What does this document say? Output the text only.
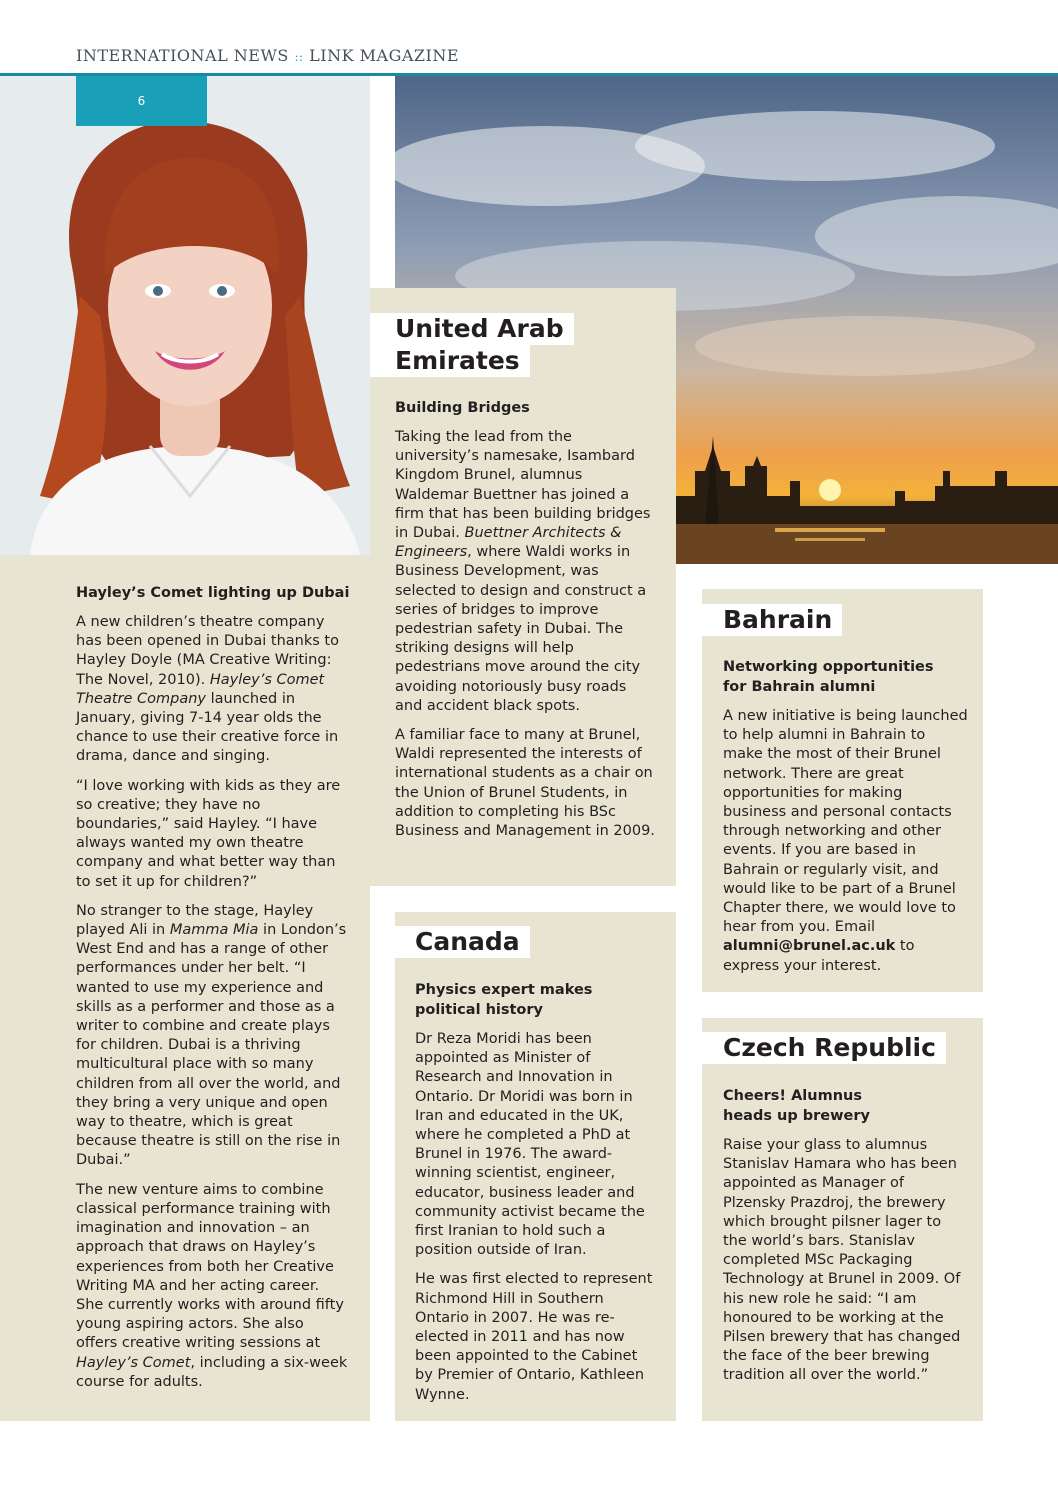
INTERNATIONAL NEWS :: LINK MAGAZINE
6
Hayley’s Comet lighting up Dubai

A new children’s theatre company has been opened in Dubai thanks to Hayley Doyle (MA Creative Writing: The Novel, 2010). Hayley’s Comet Theatre Company launched in January, giving 7-14 year olds the chance to use their creative force in drama, dance and singing.

“I love working with kids as they are so creative; they have no boundaries,” said Hayley. “I have always wanted my own theatre company and what better way than to set it up for children?”

No stranger to the stage, Hayley played Ali in Mamma Mia in London’s West End and has a range of other performances under her belt. “I wanted to use my experience and skills as a performer and those as a writer to combine and create plays for children. Dubai is a thriving multicultural place with so many children from all over the world, and they bring a very unique and open way to theatre, which is great because theatre is still on the rise in Dubai.”

The new venture aims to combine classical performance training with imagination and innovation – an approach that draws on Hayley’s experiences from both her Creative Writing MA and her acting career. She currently works with around fifty young aspiring actors. She also offers creative writing sessions at Hayley’s Comet, including a six-week course for adults.

United Arab
Emirates
Building Bridges

Taking the lead from the university’s namesake, Isambard Kingdom Brunel, alumnus Waldemar Buettner has joined a firm that has been building bridges in Dubai. Buettner Architects & Engineers, where Waldi works in Business Development, was selected to design and construct a series of bridges to improve pedestrian safety in Dubai. The striking designs will help pedestrians move around the city avoiding notoriously busy roads and accident black spots.

A familiar face to many at Brunel, Waldi represented the interests of international students as a chair on the Union of Brunel Students, in addition to completing his BSc Business and Management in 2009.

Canada
Physics expert makes
political history

Dr Reza Moridi has been appointed as Minister of Research and Innovation in Ontario. Dr Moridi was born in Iran and educated in the UK, where he completed a PhD at Brunel in 1976. The award-winning scientist, engineer, educator, business leader and community activist became the first Iranian to hold such a position outside of Iran.

He was first elected to represent Richmond Hill in Southern Ontario in 2007. He was re-elected in 2011 and has now been appointed to the Cabinet by Premier of Ontario, Kathleen Wynne.

Bahrain
Networking opportunities
for Bahrain alumni

A new initiative is being launched to help alumni in Bahrain to make the most of their Brunel network. There are great opportunities for making business and personal contacts through networking and other events. If you are based in Bahrain or regularly visit, and would like to be part of a Brunel Chapter there, we would love to hear from you. Email alumni@brunel.ac.uk to express your interest.

Czech Republic
Cheers! Alumnus
heads up brewery

Raise your glass to alumnus Stanislav Hamara who has been appointed as Manager of Plzensky Prazdroj, the brewery which brought pilsner lager to the world’s bars. Stanislav completed MSc Packaging Technology at Brunel in 2009. Of his new role he said: “I am honoured to be working at the Pilsen brewery that has changed the face of the beer brewing tradition all over the world.”
